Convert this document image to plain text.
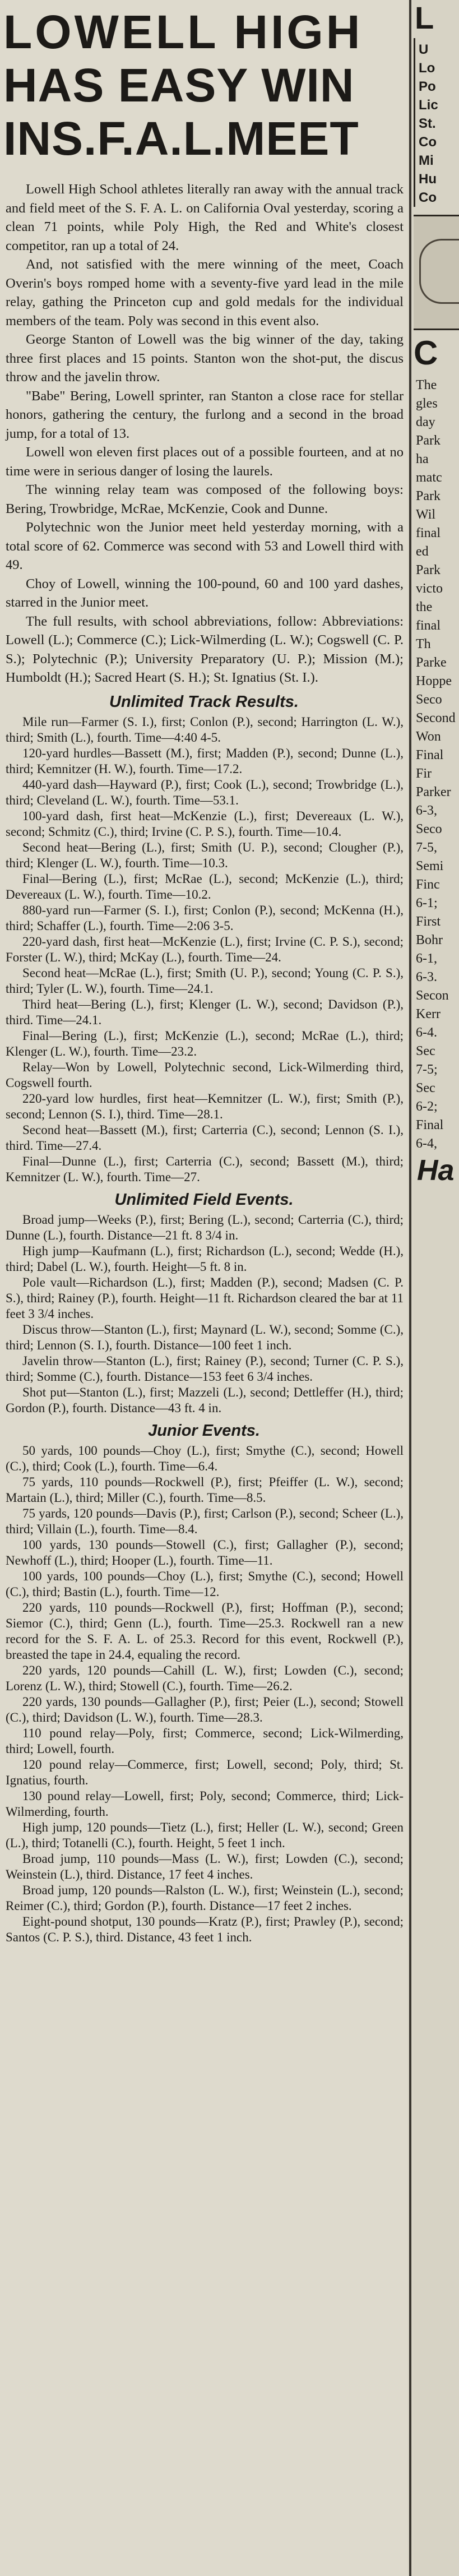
LOWELL HIGH
HAS EASY WIN
INS.F.A.L.MEET

Lowell High School athletes literally ran away with the annual track and field meet of the S. F. A. L. on California Oval yesterday, scoring a clean 71 points, while Poly High, the Red and White's closest competitor, ran up a total of 24.

And, not satisfied with the mere winning of the meet, Coach Overin's boys romped home with a seventy-five yard lead in the mile relay, gathing the Princeton cup and gold medals for the individual members of the team. Poly was second in this event also.

George Stanton of Lowell was the big winner of the day, taking three first places and 15 points. Stanton won the shot-put, the discus throw and the javelin throw.

"Babe" Bering, Lowell sprinter, ran Stanton a close race for stellar honors, gathering the century, the furlong and a second in the broad jump, for a total of 13.

Lowell won eleven first places out of a possible fourteen, and at no time were in serious danger of losing the laurels.

The winning relay team was composed of the following boys: Bering, Trowbridge, McRae, McKenzie, Cook and Dunne.

Polytechnic won the Junior meet held yesterday morning, with a total score of 62. Commerce was second with 53 and Lowell third with 49.

Choy of Lowell, winning the 100-pound, 60 and 100 yard dashes, starred in the Junior meet.

The full results, with school abbreviations, follow: Abbreviations: Lowell (L.); Commerce (C.); Lick-Wilmerding (L. W.); Cogswell (C. P. S.); Polytechnic (P.); University Preparatory (U. P.); Mission (M.); Humboldt (H.); Sacred Heart (S. H.); St. Ignatius (St. I.).

Unlimited Track Results.

Mile run—Farmer (S. I.), first; Conlon (P.), second; Harrington (L. W.), third; Smith (L.), fourth. Time—4:40 4-5.

120-yard hurdles—Bassett (M.), first; Madden (P.), second; Dunne (L.), third; Kemnitzer (H. W.), fourth. Time—17.2.

440-yard dash—Hayward (P.), first; Cook (L.), second; Trowbridge (L.), third; Cleveland (L. W.), fourth. Time—53.1.

100-yard dash, first heat—McKenzie (L.), first; Devereaux (L. W.), second; Schmitz (C.), third; Irvine (C. P. S.), fourth. Time—10.4.

Second heat—Bering (L.), first; Smith (U. P.), second; Clougher (P.), third; Klenger (L. W.), fourth. Time—10.3.

Final—Bering (L.), first; McRae (L.), second; McKenzie (L.), third; Devereaux (L. W.), fourth. Time—10.2.

880-yard run—Farmer (S. I.), first; Conlon (P.), second; McKenna (H.), third; Schaffer (L.), fourth. Time—2:06 3-5.

220-yard dash, first heat—McKenzie (L.), first; Irvine (C. P. S.), second; Forster (L. W.), third; McKay (L.), fourth. Time—24.

Second heat—McRae (L.), first; Smith (U. P.), second; Young (C. P. S.), third; Tyler (L. W.), fourth. Time—24.1.

Third heat—Bering (L.), first; Klenger (L. W.), second; Davidson (P.), third. Time—24.1.

Final—Bering (L.), first; McKenzie (L.), second; McRae (L.), third; Klenger (L. W.), fourth. Time—23.2.

Relay—Won by Lowell, Polytechnic second, Lick-Wilmerding third, Cogswell fourth.

220-yard low hurdles, first heat—Kemnitzer (L. W.), first; Smith (P.), second; Lennon (S. I.), third. Time—28.1.

Second heat—Bassett (M.), first; Carterria (C.), second; Lennon (S. I.), third. Time—27.4.

Final—Dunne (L.), first; Carterria (C.), second; Bassett (M.), third; Kemnitzer (L. W.), fourth. Time—27.

Unlimited Field Events.

Broad jump—Weeks (P.), first; Bering (L.), second; Carterria (C.), third; Dunne (L.), fourth. Distance—21 ft. 8 3/4 in.

High jump—Kaufmann (L.), first; Richardson (L.), second; Wedde (H.), third; Dabel (L. W.), fourth. Height—5 ft. 8 in.

Pole vault—Richardson (L.), first; Madden (P.), second; Madsen (C. P. S.), third; Rainey (P.), fourth. Height—11 ft. Richardson cleared the bar at 11 feet 3 3/4 inches.

Discus throw—Stanton (L.), first; Maynard (L. W.), second; Somme (C.), third; Lennon (S. I.), fourth. Distance—100 feet 1 inch.

Javelin throw—Stanton (L.), first; Rainey (P.), second; Turner (C. P. S.), third; Somme (C.), fourth. Distance—153 feet 6 3/4 inches.

Shot put—Stanton (L.), first; Mazzeli (L.), second; Dettleffer (H.), third; Gordon (P.), fourth. Distance—43 ft. 4 in.

Junior Events.

50 yards, 100 pounds—Choy (L.), first; Smythe (C.), second; Howell (C.), third; Cook (L.), fourth. Time—6.4.

75 yards, 110 pounds—Rockwell (P.), first; Pfeiffer (L. W.), second; Martain (L.), third; Miller (C.), fourth. Time—8.5.

75 yards, 120 pounds—Davis (P.), first; Carlson (P.), second; Scheer (L.), third; Villain (L.), fourth. Time—8.4.

100 yards, 130 pounds—Stowell (C.), first; Gallagher (P.), second; Newhoff (L.), third; Hooper (L.), fourth. Time—11.

100 yards, 100 pounds—Choy (L.), first; Smythe (C.), second; Howell (C.), third; Bastin (L.), fourth. Time—12.

220 yards, 110 pounds—Rockwell (P.), first; Hoffman (P.), second; Siemor (C.), third; Genn (L.), fourth. Time—25.3. Rockwell ran a new record for the S. F. A. L. of 25.3. Record for this event, Rockwell (P.), breasted the tape in 24.4, equaling the record.

220 yards, 120 pounds—Cahill (L. W.), first; Lowden (C.), second; Lorenz (L. W.), third; Stowell (C.), fourth. Time—26.2.

220 yards, 130 pounds—Gallagher (P.), first; Peier (L.), second; Stowell (C.), third; Davidson (L. W.), fourth. Time—28.3.

110 pound relay—Poly, first; Commerce, second; Lick-Wilmerding, third; Lowell, fourth.

120 pound relay—Commerce, first; Lowell, second; Poly, third; St. Ignatius, fourth.

130 pound relay—Lowell, first; Poly, second; Commerce, third; Lick-Wilmerding, fourth.

High jump, 120 pounds—Tietz (L.), first; Heller (L. W.), second; Green (L.), third; Totanelli (C.), fourth. Height, 5 feet 1 inch.

Broad jump, 110 pounds—Mass (L. W.), first; Lowden (C.), second; Weinstein (L.), third. Distance, 17 feet 4 inches.

Broad jump, 120 pounds—Ralston (L. W.), first; Weinstein (L.), second; Reimer (C.), third; Gordon (P.), fourth. Distance—17 feet 2 inches.

Eight-pound shotput, 130 pounds—Kratz (P.), first; Prawley (P.), second; Santos (C. P. S.), third. Distance, 43 feet 1 inch.

L
U
Lo
Po
Lic
St.
Co
Mi
Hu
Co
C
The
gles
day
Park
ha
matc
Park
Wil
final
ed
Park
victo
the
final
Th
Parke
Hoppe
Seco
Second
Won
Final
Fir
Parker
6-3,
Seco
7-5,
Semi
Finc
6-1;
First
Bohr
6-1,
6-3.
Secon
Kerr
6-4.
Sec
7-5;
Sec
6-2;
Final
6-4,
Ha
